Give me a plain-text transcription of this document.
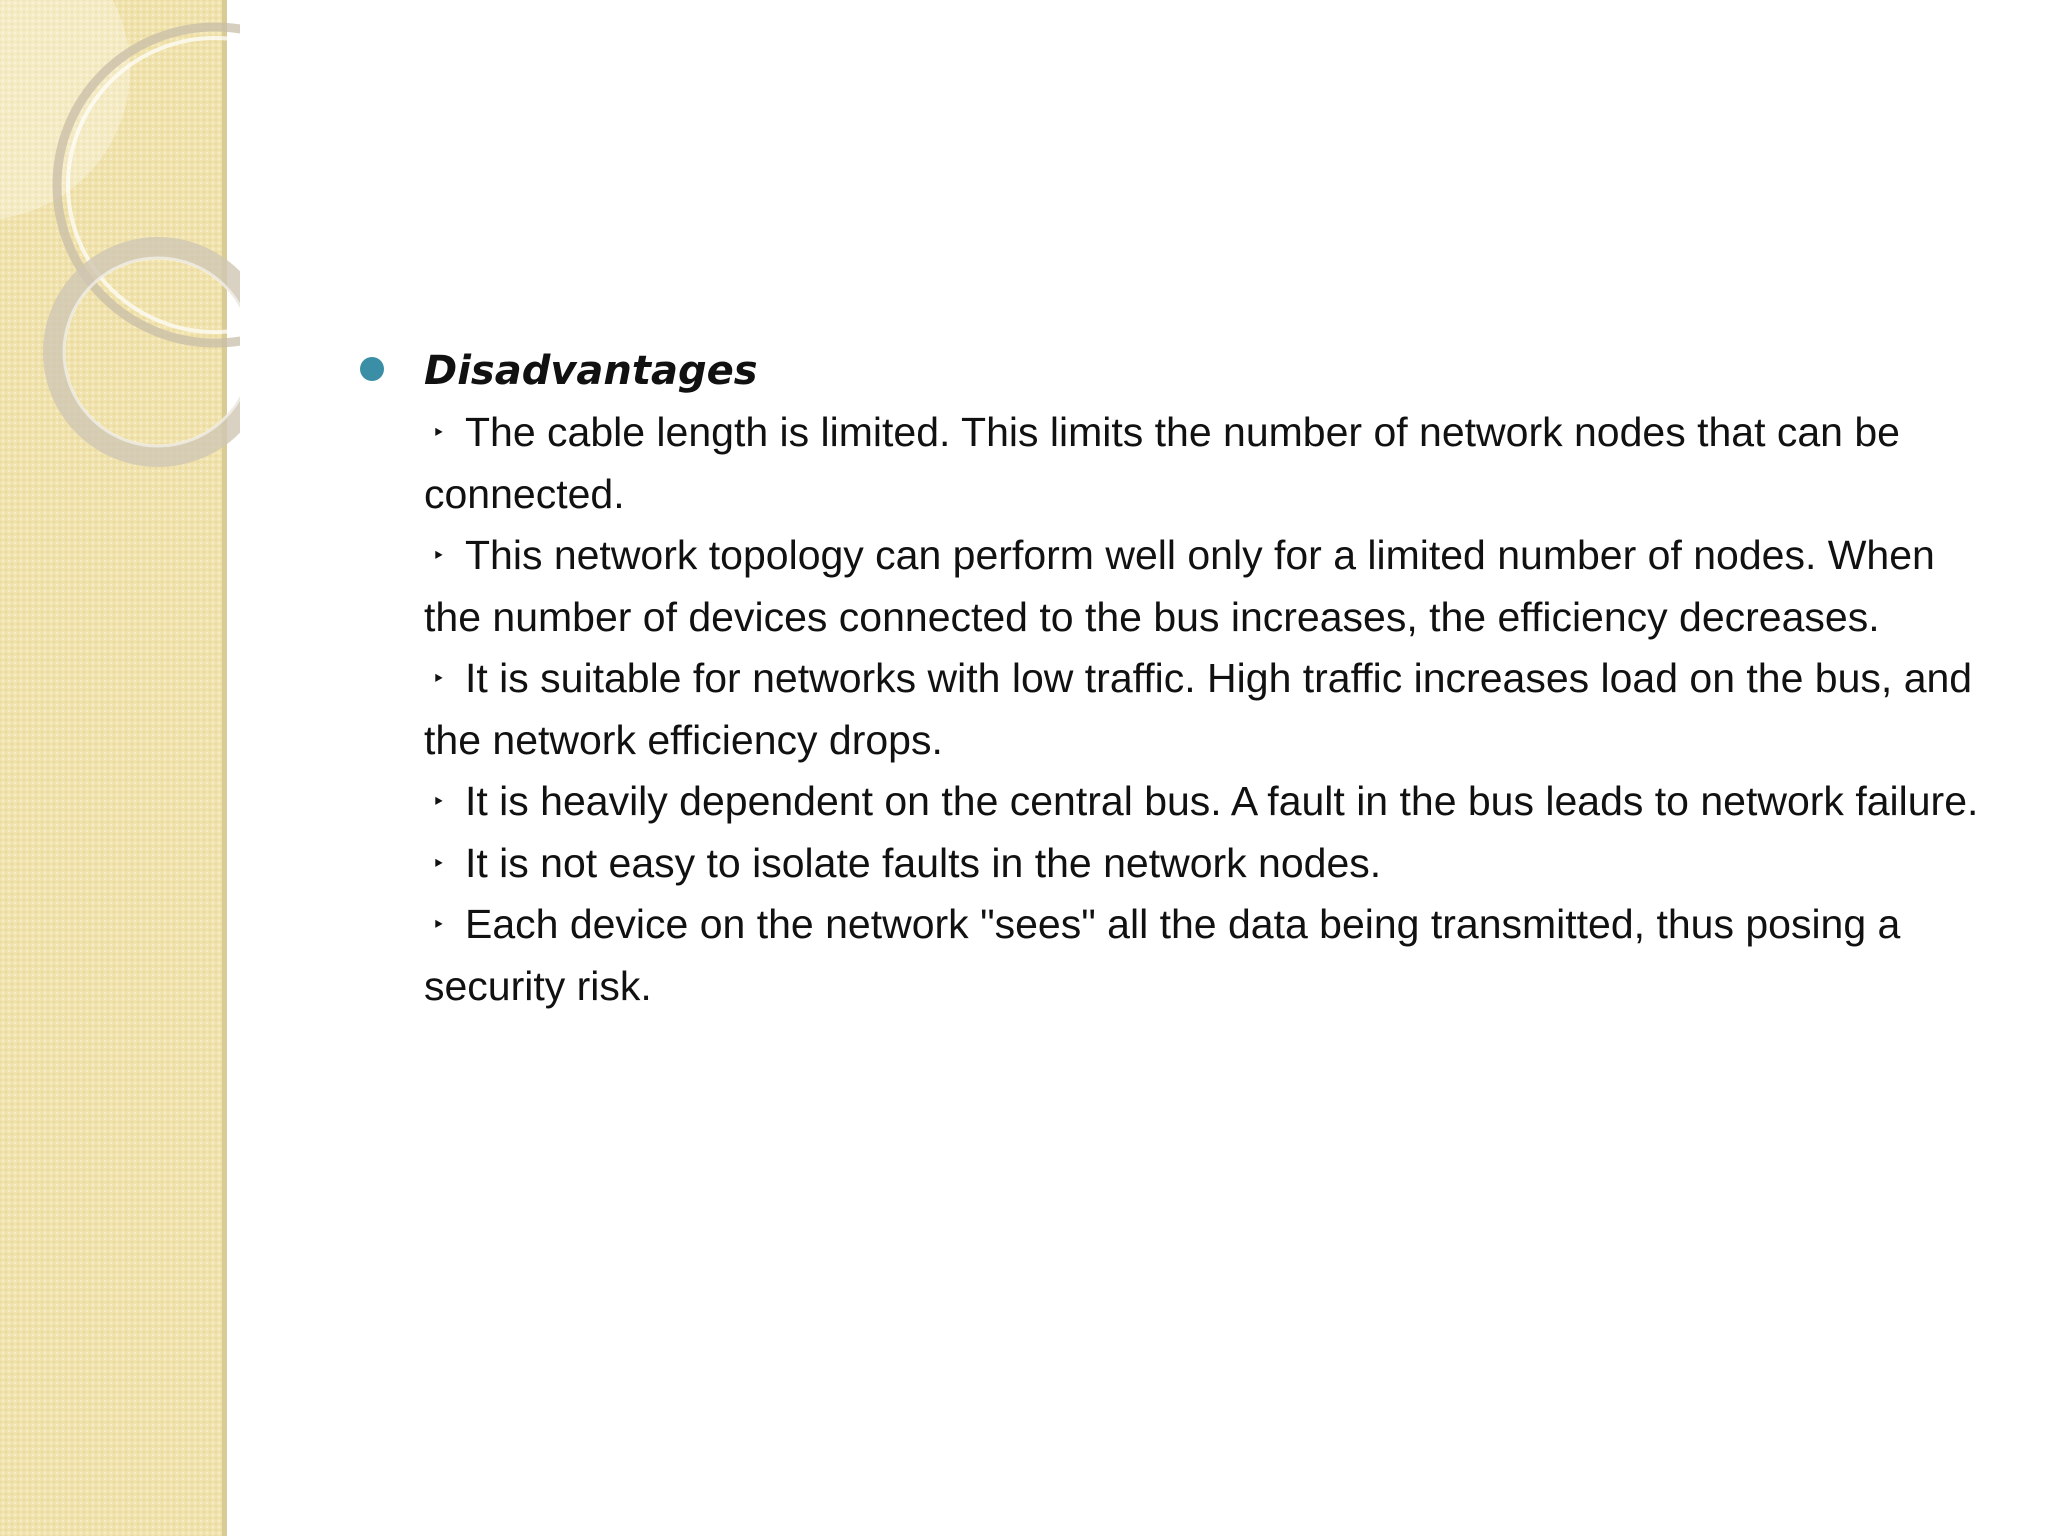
Disadvantages
‣ The cable length is limited. This limits the number of network nodes that can be connected.
‣ This network topology can perform well only for a limited number of nodes. When the number of devices connected to the bus increases, the efficiency decreases.
‣ It is suitable for networks with low traffic. High traffic increases load on the bus, and the network efficiency drops.
‣ It is heavily dependent on the central bus. A fault in the bus leads to network failure.
‣ It is not easy to isolate faults in the network nodes.
‣ Each device on the network "sees" all the data being transmitted, thus posing a security risk.
